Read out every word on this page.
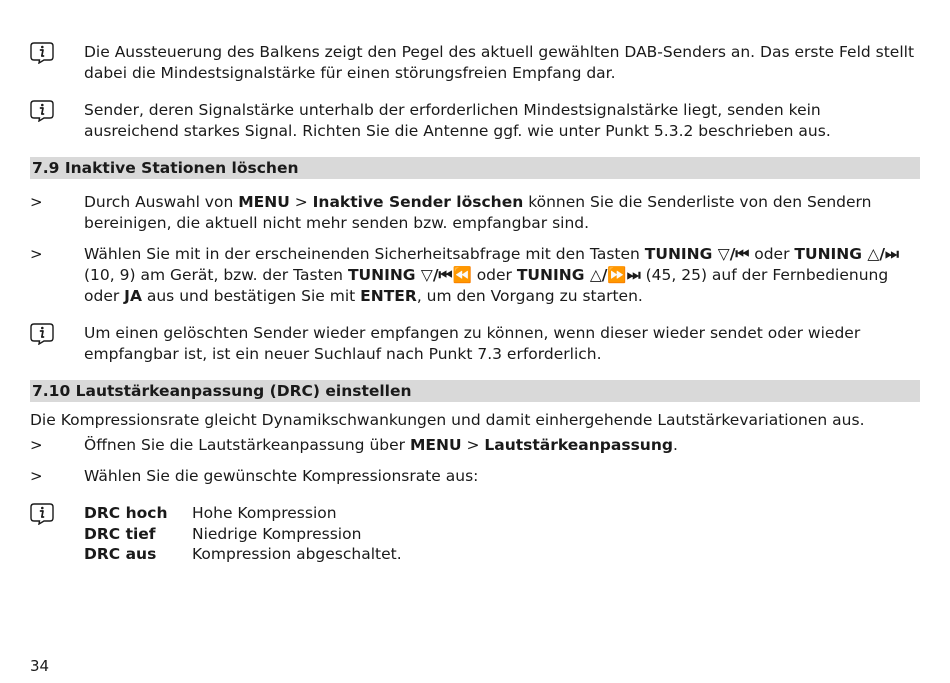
Die Aussteuerung des Balkens zeigt den Pegel des aktuell gewählten DAB-Senders an. Das erste Feld stellt dabei die Mindestsignalstärke für einen störungsfreien Empfang dar.
Sender, deren Signalstärke unterhalb der erforderlichen Mindestsignalstärke liegt, senden kein ausreichend starkes Signal. Richten Sie die Antenne ggf. wie unter Punkt 5.3.2 beschrieben aus.
7.9 Inaktive Stationen löschen
>	Durch Auswahl von MENU > Inaktive Sender löschen können Sie die Senderliste von den Sendern bereinigen, die aktuell nicht mehr senden bzw. empfangbar sind.
>	Wählen Sie mit in der erscheinenden Sicherheitsabfrage mit den Tasten TUNING ▽/⏮ oder TUNING △/⏭ (10, 9) am Gerät, bzw. der Tasten TUNING ▽/⏮⏪ oder TUNING △/⏩⏭ (45, 25) auf der Fernbedienung oder JA aus und bestätigen Sie mit ENTER, um den Vorgang zu starten.
Um einen gelöschten Sender wieder empfangen zu können, wenn dieser wieder sendet oder wieder empfangbar ist, ist ein neuer Suchlauf nach Punkt 7.3 erforderlich.
7.10 Lautstärkeanpassung (DRC) einstellen
Die Kompressionsrate gleicht Dynamikschwankungen und damit einhergehende Lautstärkevariationen aus.
>	Öffnen Sie die Lautstärkeanpassung über MENU > Lautstärkeanpassung.
>	Wählen Sie die gewünschte Kompressionsrate aus:
DRC hoch Hohe Kompression
DRC tief Niedrige Kompression
DRC aus Kompression abgeschaltet.
34
